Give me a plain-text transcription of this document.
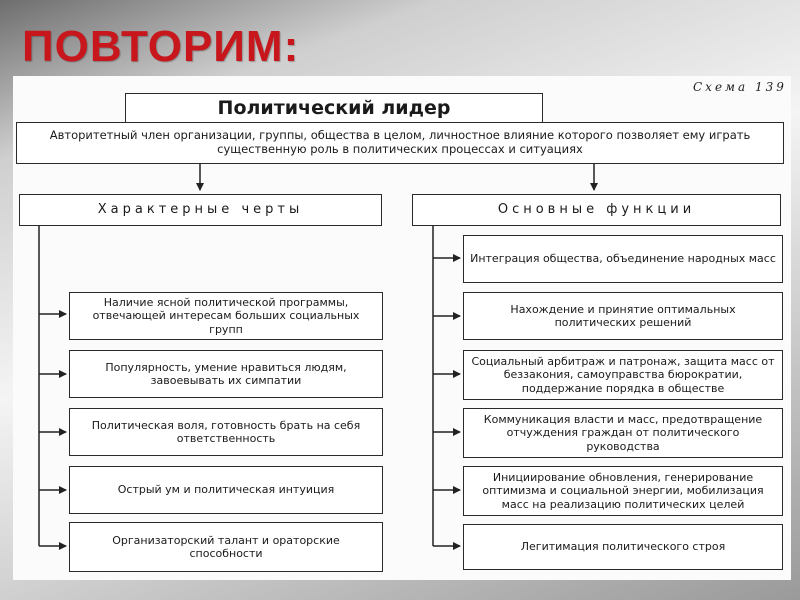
ПОВТОРИМ:
Схема 139
Политический лидер
Авторитетный член организации, группы, общества в целом, личностное влияние которого позволяет ему играть существенную роль в политических процессах и ситуациях
Характерные черты	Основные функции
Наличие ясной политической программы, отвечающей интересам больших социальных групп
Популярность, умение нравиться людям, завоевывать их симпатии
Политическая воля, готовность брать на себя ответственность
Острый ум и политическая интуиция
Организаторский талант и ораторские способности
Интеграция общества, объединение народных масс
Нахождение и принятие оптимальных политических решений
Социальный арбитраж и патронаж, защита масс от беззакония, самоуправства бюрократии, поддержание порядка в обществе
Коммуникация власти и масс, предотвращение отчуждения граждан от политического руководства
Инициирование обновления, генерирование оптимизма и социальной энергии, мобилизация масс на реализацию политических целей
Легитимация политического строя
